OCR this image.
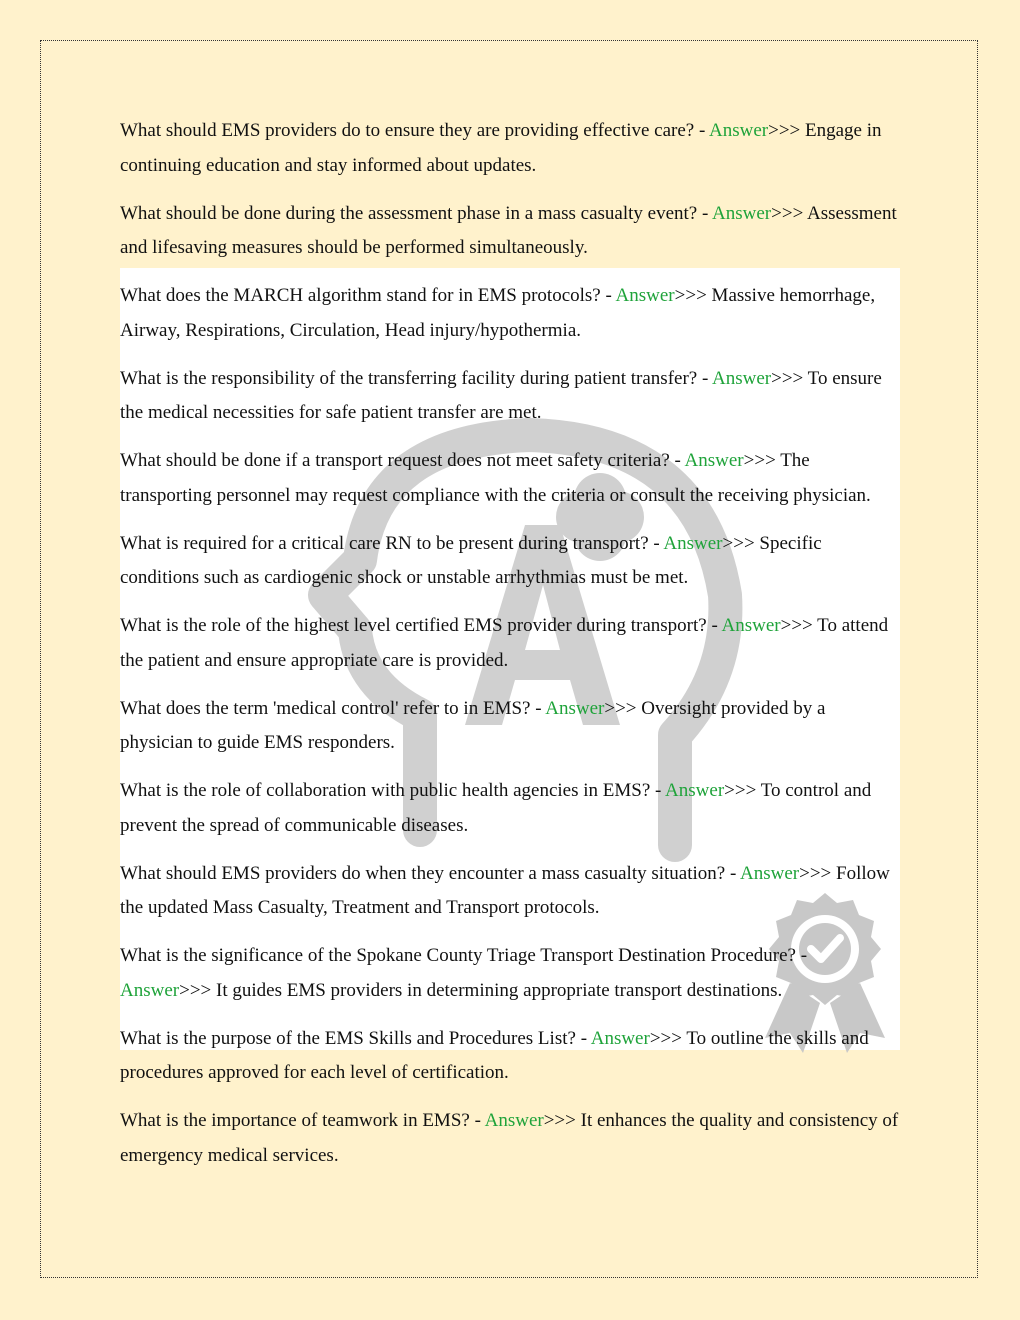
What should EMS providers do to ensure they are providing effective care? - Answer>>> Engage in continuing education and stay informed about updates.

What should be done during the assessment phase in a mass casualty event? - Answer>>> Assessment and lifesaving measures should be performed simultaneously.

What does the MARCH algorithm stand for in EMS protocols? - Answer>>> Massive hemorrhage, Airway, Respirations, Circulation, Head injury/hypothermia.

What is the responsibility of the transferring facility during patient transfer? - Answer>>> To ensure the medical necessities for safe patient transfer are met.

What should be done if a transport request does not meet safety criteria? - Answer>>> The transporting personnel may request compliance with the criteria or consult the receiving physician.

What is required for a critical care RN to be present during transport? - Answer>>> Specific conditions such as cardiogenic shock or unstable arrhythmias must be met.

What is the role of the highest level certified EMS provider during transport? - Answer>>> To attend the patient and ensure appropriate care is provided.

What does the term 'medical control' refer to in EMS? - Answer>>> Oversight provided by a physician to guide EMS responders.

What is the role of collaboration with public health agencies in EMS? - Answer>>> To control and prevent the spread of communicable diseases.

What should EMS providers do when they encounter a mass casualty situation? - Answer>>> Follow the updated Mass Casualty, Treatment and Transport protocols.

What is the significance of the Spokane County Triage Transport Destination Procedure? - Answer>>> It guides EMS providers in determining appropriate transport destinations.

What is the purpose of the EMS Skills and Procedures List? - Answer>>> To outline the skills and procedures approved for each level of certification.

What is the importance of teamwork in EMS? - Answer>>> It enhances the quality and consistency of emergency medical services.
